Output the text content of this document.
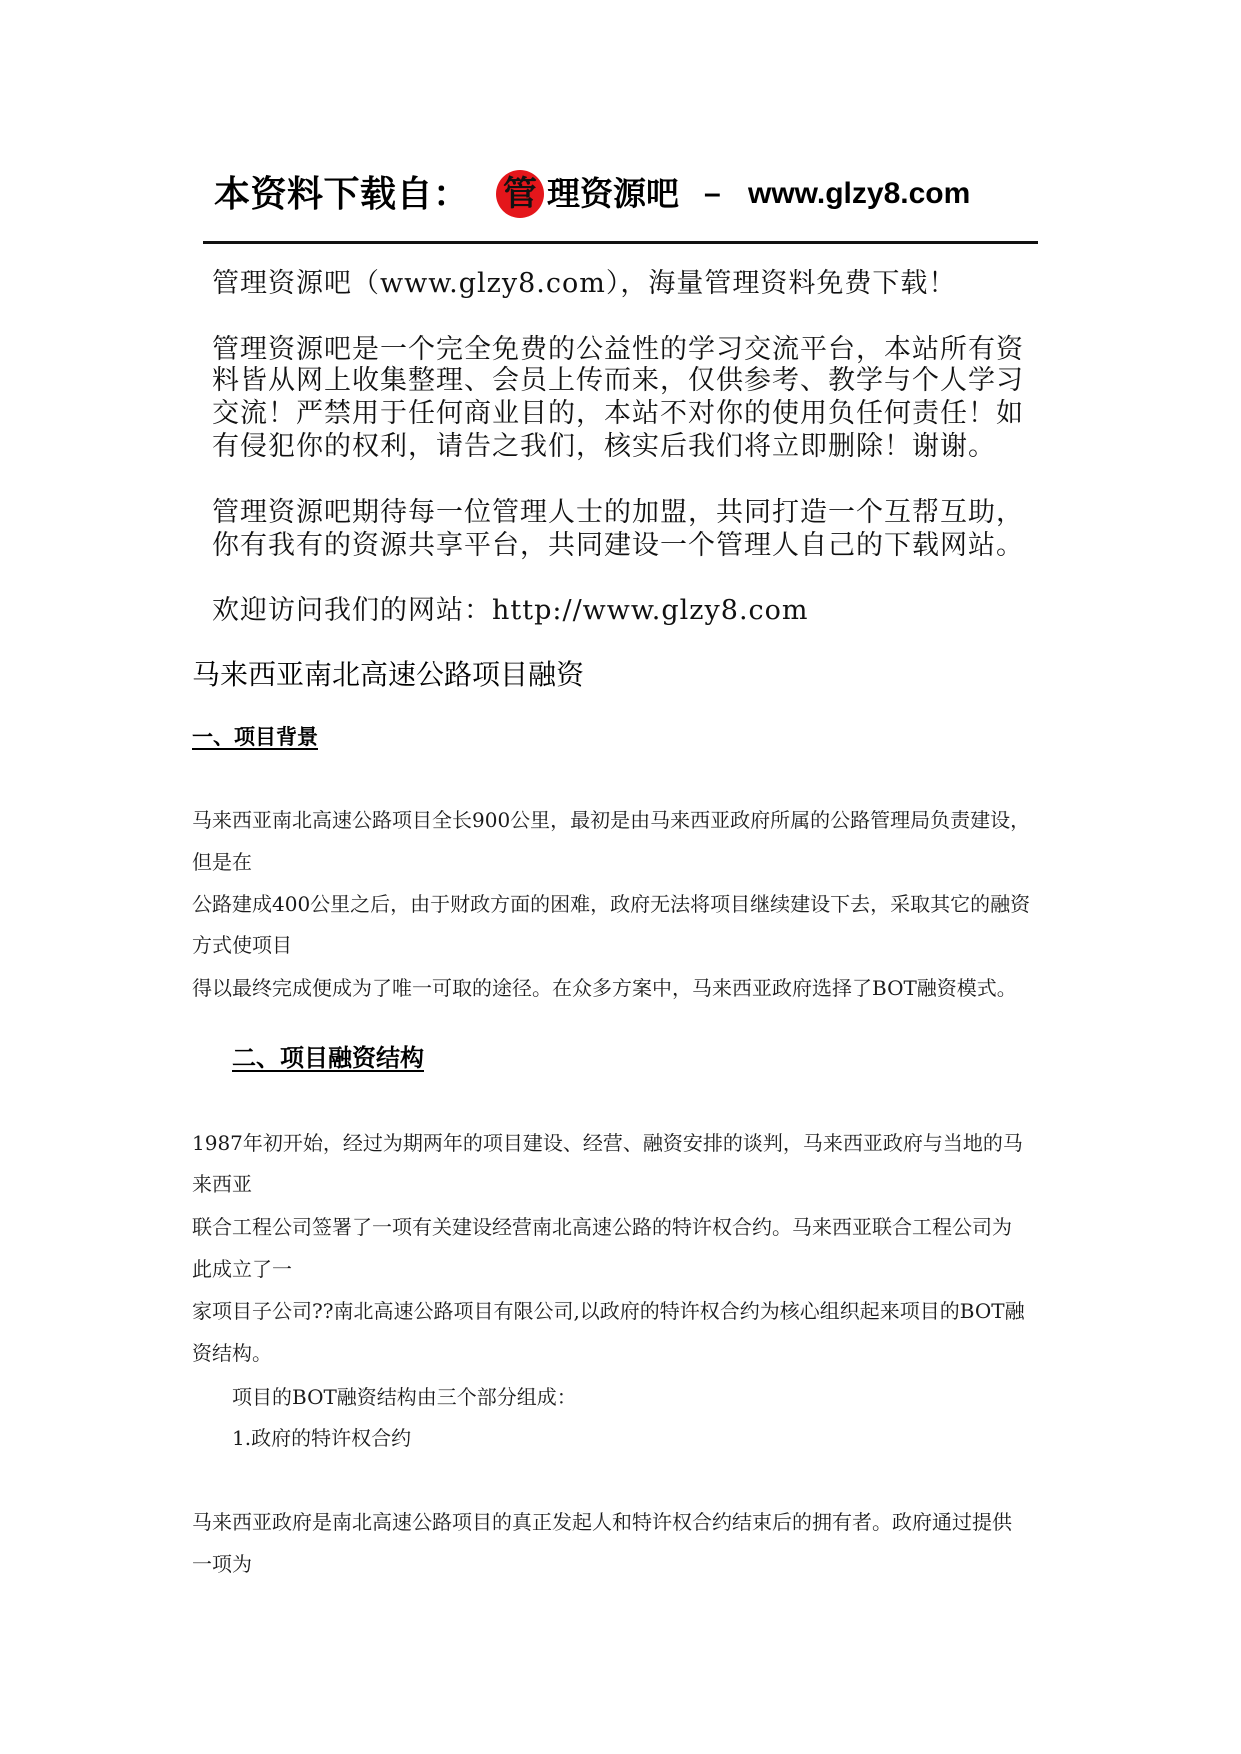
本资料下载自： 管 理资源吧 – www.glzy8.com
管理资源吧（www.glzy8.com），海量管理资料免费下载！
管理资源吧是一个完全免费的公益性的学习交流平台，本站所有资
料皆从网上收集整理、会员上传而来，仅供参考、教学与个人学习
交流！严禁用于任何商业目的，本站不对你的使用负任何责任！如
有侵犯你的权利，请告之我们，核实后我们将立即删除！谢谢。
管理资源吧期待每一位管理人士的加盟，共同打造一个互帮互助，
你有我有的资源共享平台，共同建设一个管理人自己的下载网站。
欢迎访问我们的网站：http://www.glzy8.com
马来西亚南北高速公路项目融资
一、项目背景
马来西亚南北高速公路项目全长900公里，最初是由马来西亚政府所属的公路管理局负责建设，
但是在
公路建成400公里之后，由于财政方面的困难，政府无法将项目继续建设下去，采取其它的融资
方式使项目
得以最终完成便成为了唯一可取的途径。在众多方案中，马来西亚政府选择了BOT融资模式。
二、项目融资结构
1987年初开始，经过为期两年的项目建设、经营、融资安排的谈判，马来西亚政府与当地的马
来西亚
联合工程公司签署了一项有关建设经营南北高速公路的特许权合约。马来西亚联合工程公司为
此成立了一
家项目子公司??南北高速公路项目有限公司,以政府的特许权合约为核心组织起来项目的BOT融
资结构。
项目的BOT融资结构由三个部分组成：
1.政府的特许权合约
马来西亚政府是南北高速公路项目的真正发起人和特许权合约结束后的拥有者。政府通过提供
一项为
